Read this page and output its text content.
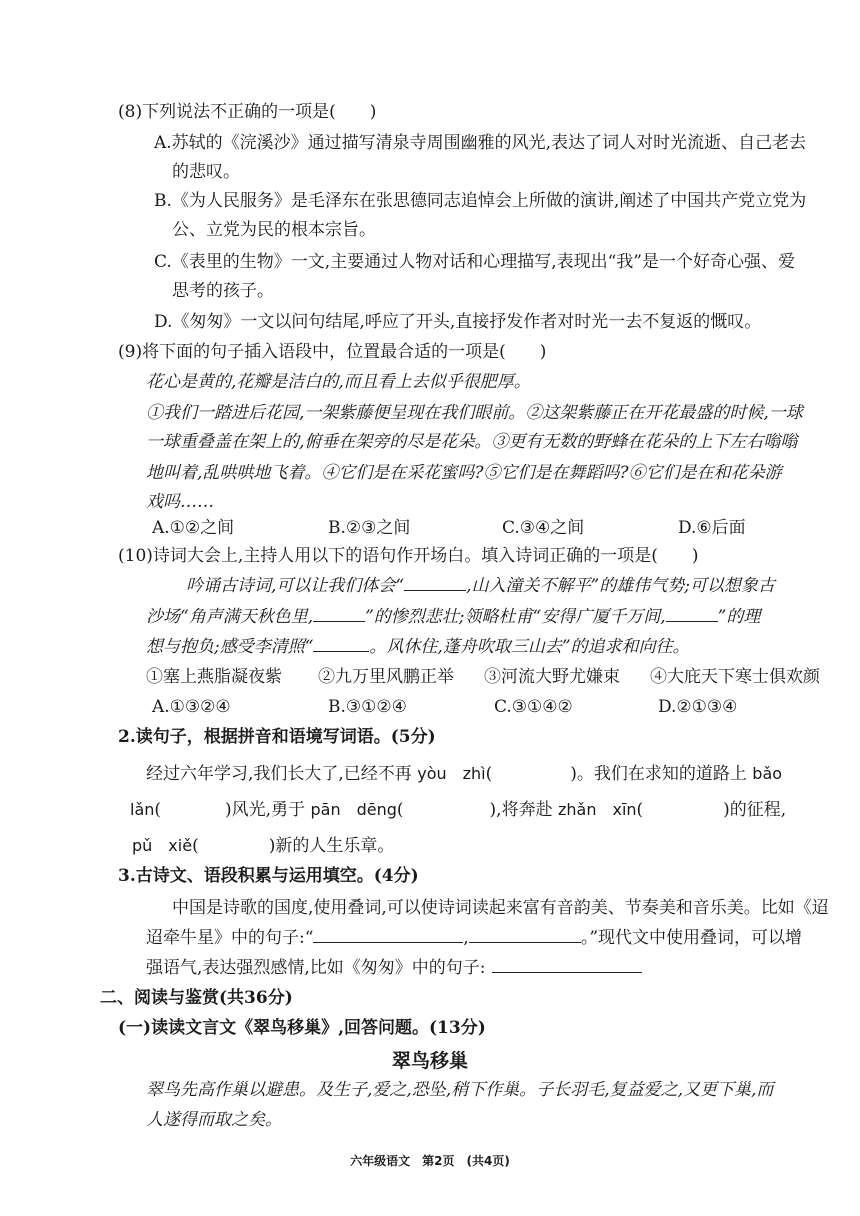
(8)下列说法不正确的一项是(　　)
A.苏轼的《浣溪沙》通过描写清泉寺周围幽雅的风光,表达了词人对时光流逝、自己老去
的悲叹。
B.《为人民服务》是毛泽东在张思德同志追悼会上所做的演讲,阐述了中国共产党立党为
公、立党为民的根本宗旨。
C.《表里的生物》一文,主要通过人物对话和心理描写,表现出“我”是一个好奇心强、爱
思考的孩子。
D.《匆匆》一文以问句结尾,呼应了开头,直接抒发作者对时光一去不复返的慨叹。
(9)将下面的句子插入语段中，位置最合适的一项是(　　)
花心是黄的,花瓣是洁白的,而且看上去似乎很肥厚。
①我们一踏进后花园,一架紫藤便呈现在我们眼前。②这架紫藤正在开花最盛的时候,一球
一球重叠盖在架上的,俯垂在架旁的尽是花朵。③更有无数的野蜂在花朵的上下左右嗡嗡
地叫着,乱哄哄地飞着。④它们是在采花蜜吗?⑤它们是在舞蹈吗?⑥它们是在和花朵游
戏吗……
A.①②之间	B.②③之间	C.③④之间	D.⑥后面
(10)诗词大会上,主持人用以下的语句作开场白。填入诗词正确的一项是(　　)
吟诵古诗词,可以让我们体会“	,山入潼关不解平”的雄伟气势;可以想象古
沙场“角声满天秋色里,	”的惨烈悲壮;领略杜甫“安得广厦千万间,	”的理
想与抱负;感受李清照“	。风休住,蓬舟吹取三山去”的追求和向往。
①塞上燕脂凝夜紫 ②九万里风鹏正举 ③河流大野尤嫌束 ④大庇天下寒士俱欢颜
A.①③②④	B.③①②④	C.③①④②	D.②①③④
2.读句子，根据拼音和语境写词语。(5分)
经过六年学习,我们长大了,已经不再 yòu　zhì(	)。我们在求知的道路上 bǎo
lǎn(	)风光,勇于 pān　dēng(	),将奔赴 zhǎn　xīn(	)的征程,
pǔ　xiě(	)新的人生乐章。
3.古诗文、语段积累与运用填空。(4分)
中国是诗歌的国度,使用叠词,可以使诗词读起来富有音韵美、节奏美和音乐美。比如《迢
迢牵牛星》中的句子:“	,	。”现代文中使用叠词，可以增
强语气,表达强烈感情,比如《匆匆》中的句子:
二、阅读与鉴赏(共36分)
(一)读读文言文《翠鸟移巢》,回答问题。(13分)
翠鸟移巢
翠鸟先高作巢以避患。及生子,爱之,恐坠,稍下作巢。子长羽毛,复益爱之,又更下巢,而
人遂得而取之矣。
六年级语文　第2页　(共4页)
